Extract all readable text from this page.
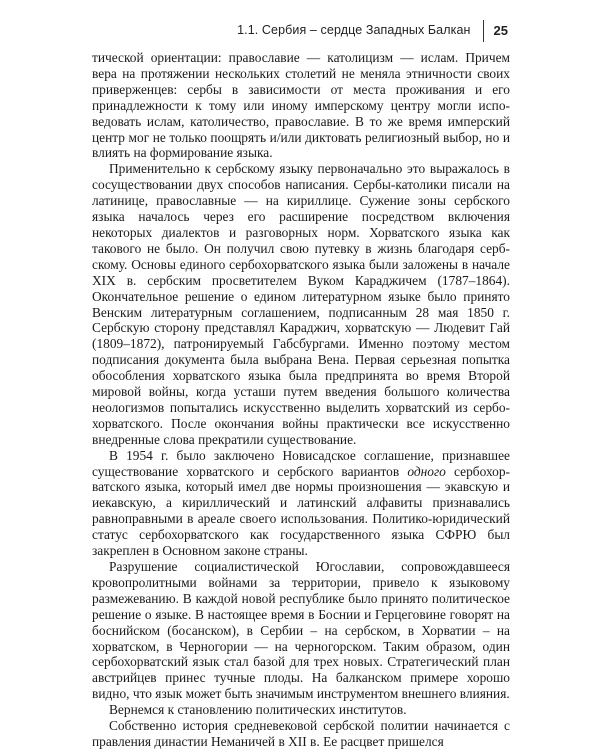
1.1. Сербия – сердце Западных Балкан 25

тической ориентации: православие — католицизм — ислам. Причем вера на протяжении нескольких столетий не меняла этничности своих приверженцев: сербы в зависимости от места проживания и его принадлежности к тому или иному имперскому центру могли исповедовать ислам, католичество, православие. В то же время имперский центр мог не только поощрять и/или диктовать религиозный выбор, но и влиять на формирование языка.

Применительно к сербскому языку первоначально это выражалось в сосуществовании двух способов написания. Сербы-католики писали на латинице, православные — на кириллице. Сужение зоны сербского языка началось через его расширение посредством включения некоторых диалектов и разговорных норм. Хорватского языка как такового не было. Он получил свою путевку в жизнь благодаря сербскому. Основы единого сербохорватского языка были заложены в начале XIX в. сербским просветителем Вуком Караджичем (1787–1864). Окончательное решение о едином литературном языке было принято Венским литературным соглашением, подписанным 28 мая 1850 г. Сербскую сторону представлял Караджич, хорватскую — Людевит Гай (1809–1872), патронируемый Габсбургами. Именно поэтому местом подписания документа была выбрана Вена. Первая серьезная попытка обособления хорватского языка была предпринята во время Второй мировой войны, когда усташи путем введения большого количества неологизмов попытались искусственно выделить хорватский из сербохорватского. После окончания войны практически все искусственно внедренные слова прекратили существование.

В 1954 г. было заключено Новисадское соглашение, признавшее существование хорватского и сербского вариантов одного сербохорватского языка, который имел две нормы произношения — экавскую и иекавскую, а кириллический и латинский алфавиты признавались равноправными в ареале своего использования. Политико-юридический статус сербохорватского как государственного языка СФРЮ был закреплен в Основном законе страны.

Разрушение социалистической Югославии, сопровождавшееся кровопролитными войнами за территории, привело к языковому размежеванию. В каждой новой республике было принято политическое решение о языке. В настоящее время в Боснии и Герцеговине говорят на боснийском (босанском), в Сербии – на сербском, в Хорватии – на хорватском, в Черногории — на черногорском. Таким образом, один сербохорватский язык стал базой для трех новых. Стратегический план австрийцев принес тучные плоды. На балканском примере хорошо видно, что язык может быть значимым инструментом внешнего влияния.

Вернемся к становлению политических институтов.

Собственно история средневековой сербской политии начинается с правления династии Неманичей в XII в. Ее расцвет пришелся
